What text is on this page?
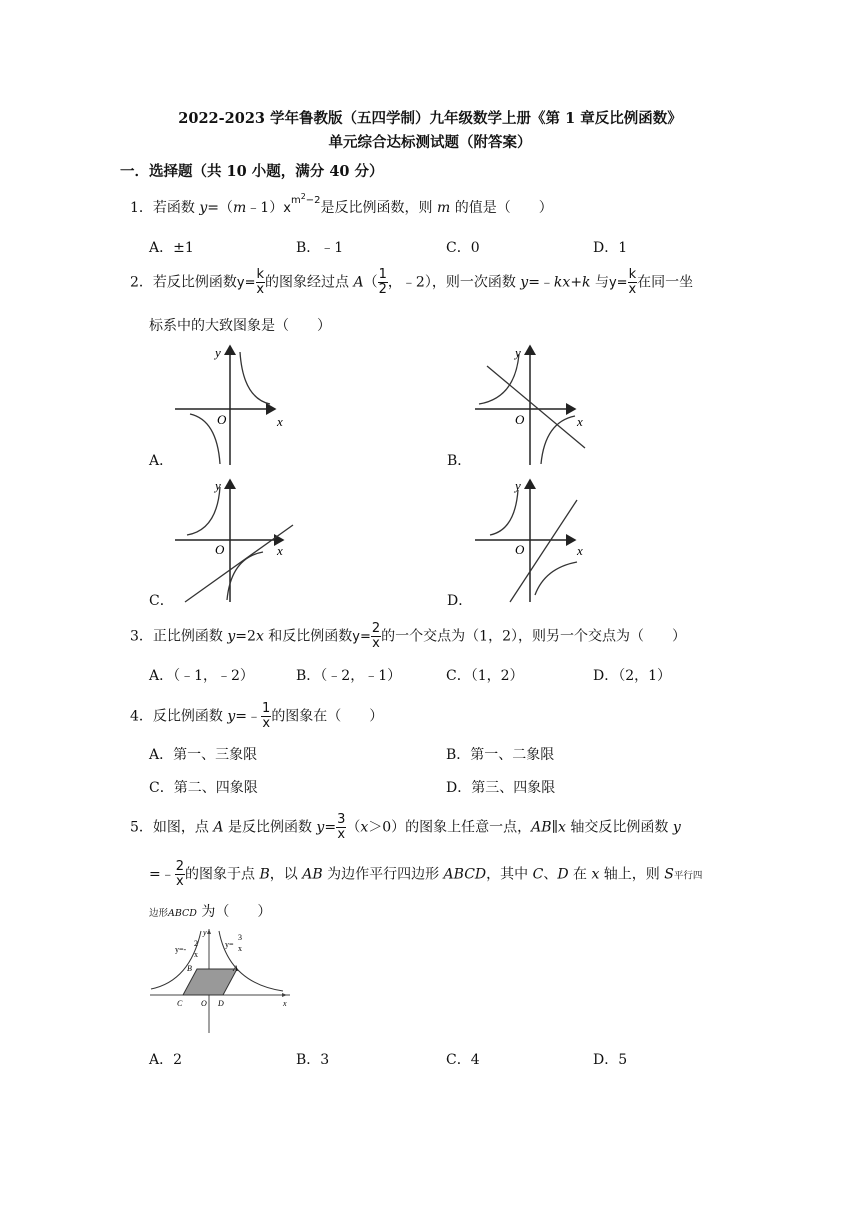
2022-2023 学年鲁教版（五四学制）九年级数学上册《第 1 章反比例函数》
单元综合达标测试题（附答案）
一．选择题（共 10 小题，满分 40 分）
1．若函数 $y=(m﹣1)x^{m^2-2}$是反比例函数，则 m 的值是（　　）
A．±1	B．﹣1	C．0	D．1
2．若反比例函数$y= \frac{k}{x}$ 的图象经过点 $A( \frac{1}{2}$ ，﹣2），则一次函数 y=﹣kx+k 与$y= \frac{k}{x}$ 在同一坐
标系中的大致图象是（　　）
O	x
y
O	x
y
O	x
y
O	x
y
A．	B．
C．	D．
3．正比例函数 y=2x 和反比例函数$y= \frac{2}{x}$ 的一个交点为（1，2），则另一个交点为（　　）
A．（﹣1，﹣2）	B．（﹣2，﹣1）	C．（1，2）	D．（2，1）
4．反比例函数 y=﹣ $\frac{1}{x}$ 的图象在（　　）
A．第一、三象限	B．第一、二象限
C．第二、四象限	D．第三、四象限
5．如图，点 A 是反比例函数 $y= \frac{3}{x} (x>0)$的图象上任意一点，AB∥x 轴交反比例函数 y
=﹣ $\frac{2}{x}$ 的图象于点 B，以 AB 为边作平行四边形 ABCD，其中 C、D 在 x 轴上，则 S平行四
边形ABCD 为（　　）
y=-
2
x
y=
3
x
B	A
C O D	x
y
A．2	B．3	C．4	D．5
